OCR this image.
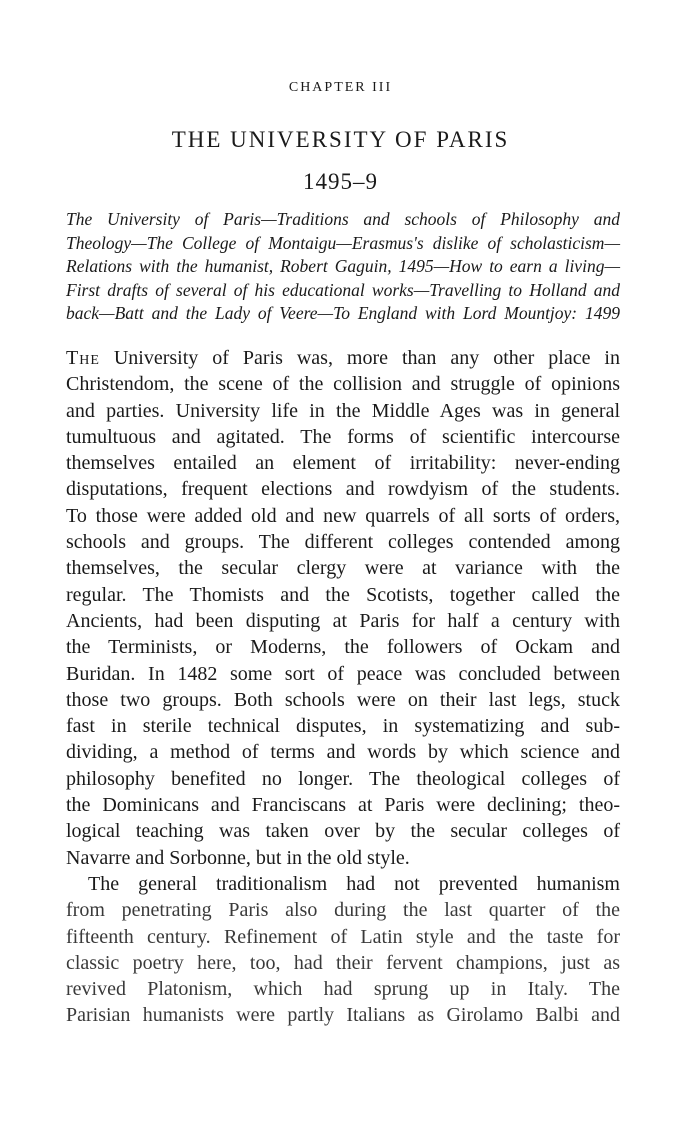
CHAPTER III
THE UNIVERSITY OF PARIS
1495–9
The University of Paris—Traditions and schools of Philosophy and
Theology—The College of Montaigu—Erasmus's dislike of scholasticism—
Relations with the humanist, Robert Gaguin, 1495—How to earn a living—
First drafts of several of his educational works—Travelling to Holland and
back—Batt and the Lady of Veere—To England with Lord Mountjoy: 1499
The University of Paris was, more than any other place in
Christendom, the scene of the collision and struggle of opinions
and parties. University life in the Middle Ages was in general
tumultuous and agitated. The forms of scientific intercourse
themselves entailed an element of irritability: never-ending
disputations, frequent elections and rowdyism of the students.
To those were added old and new quarrels of all sorts of orders,
schools and groups. The different colleges contended among
themselves, the secular clergy were at variance with the
regular. The Thomists and the Scotists, together called the
Ancients, had been disputing at Paris for half a century with
the Terminists, or Moderns, the followers of Ockam and
Buridan. In 1482 some sort of peace was concluded between
those two groups. Both schools were on their last legs, stuck
fast in sterile technical disputes, in systematizing and sub-
dividing, a method of terms and words by which science and
philosophy benefited no longer. The theological colleges of
the Dominicans and Franciscans at Paris were declining; theo-
logical teaching was taken over by the secular colleges of
Navarre and Sorbonne, but in the old style.
The general traditionalism had not prevented humanism
from penetrating Paris also during the last quarter of the
fifteenth century. Refinement of Latin style and the taste for
classic poetry here, too, had their fervent champions, just as
revived Platonism, which had sprung up in Italy. The
Parisian humanists were partly Italians as Girolamo Balbi and
